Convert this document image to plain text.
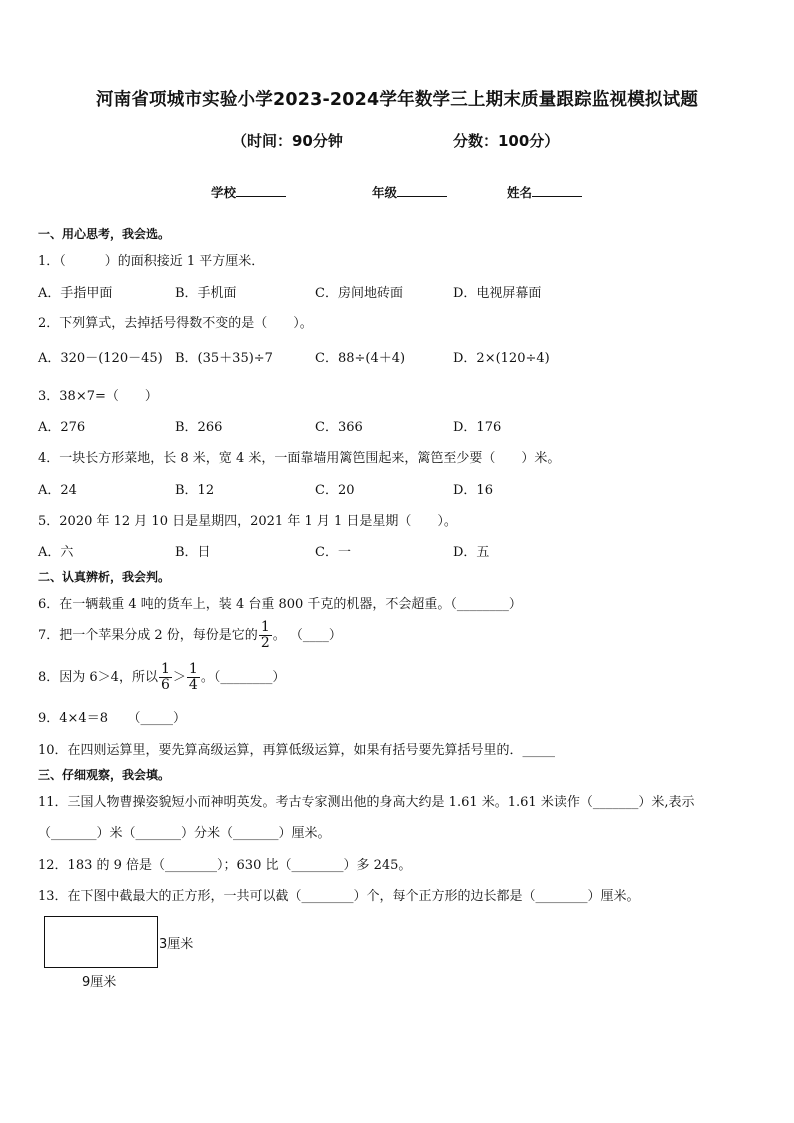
河南省项城市实验小学2023-2024学年数学三上期末质量跟踪监视模拟试题
（时间：90分钟	分数：100分）
学校	年级	姓名
一、用心思考，我会选。
1．（　　　）的面积接近 1 平方厘米．
A．手指甲面	B．手机面	C．房间地砖面	D．电视屏幕面
2．下列算式，去掉括号得数不变的是（　　）。
A．320－(120－45) B．(35＋35)÷7	C．88÷(4＋4)	D．2×(120÷4)
3．38×7=（　　）
A．276	B．266	C．366	D．176
4．一块长方形菜地，长 8 米，宽 4 米，一面靠墙用篱笆围起来，篱笆至少要（　　）米。
A．24	B．12	C．20	D．16
5．2020 年 12 月 10 日是星期四，2021 年 1 月 1 日是星期（　　）。
A．六	B．日	C．一	D．五
二、认真辨析，我会判。
6．在一辆载重 4 吨的货车上，装 4 台重 800 千克的机器，不会超重。（________）
7．把一个苹果分成 2 份，每份是它的 $\frac{1}{2}$ 。 （____）
8．因为 6＞4，所以 $\frac{1}{6} > \frac{1}{4}$ 。（________）
9．4×4＝8　　（_____）
10．在四则运算里，要先算高级运算，再算低级运算，如果有括号要先算括号里的．_____
三、仔细观察，我会填。
11．三国人物曹操姿貌短小而神明英发。考古专家测出他的身高大约是 1.61 米。1.61 米读作（_______）米,表示
（_______）米（_______）分米（_______）厘米。
12．183 的 9 倍是（________）；630 比（________）多 245。
13．在下图中截最大的正方形，一共可以截（________）个，每个正方形的边长都是（________）厘米。
3厘米
9厘米
